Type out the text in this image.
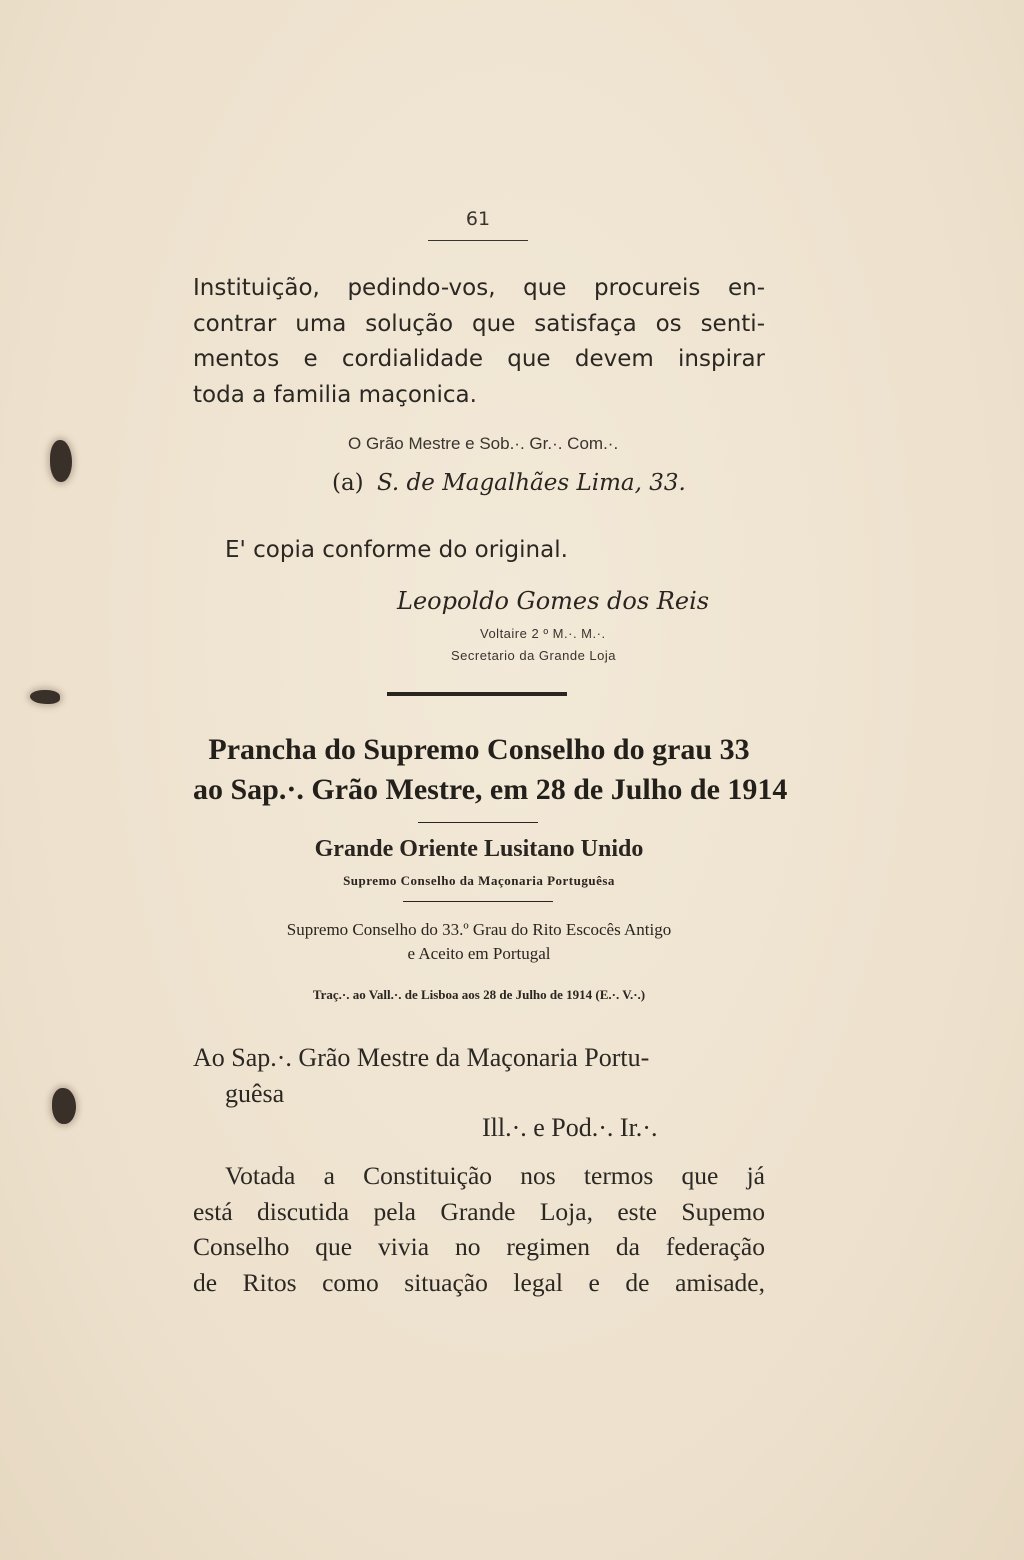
61
Instituição, pedindo-vos, que procureis en-
contrar uma solução que satisfaça os senti-
mentos e cordialidade que devem inspirar
toda a familia maçonica.
O Grão Mestre e Sob.·. Gr.·. Com.·.
(a) S. de Magalhães Lima, 33.
E' copia conforme do original.
Leopoldo Gomes dos Reis
Voltaire 2 º M.·. M.·.
Secretario da Grande Loja
Prancha do Supremo Conselho do grau 33
ao Sap.·. Grão Mestre, em 28 de Julho de 1914
Grande Oriente Lusitano Unido
Supremo Conselho da Maçonaria Portuguêsa
Supremo Conselho do 33.º Grau do Rito Escocês Antigo
e Aceito em Portugal
Traç.·. ao Vall.·. de Lisboa aos 28 de Julho de 1914 (E.·. V.·.)
Ao Sap.·. Grão Mestre da Maçonaria Portu-
guêsa
Ill.·. e Pod.·. Ir.·.
Votada a Constituição nos termos que já
está discutida pela Grande Loja, este Supemo
Conselho que vivia no regimen da federação
de Ritos como situação legal e de amisade,
